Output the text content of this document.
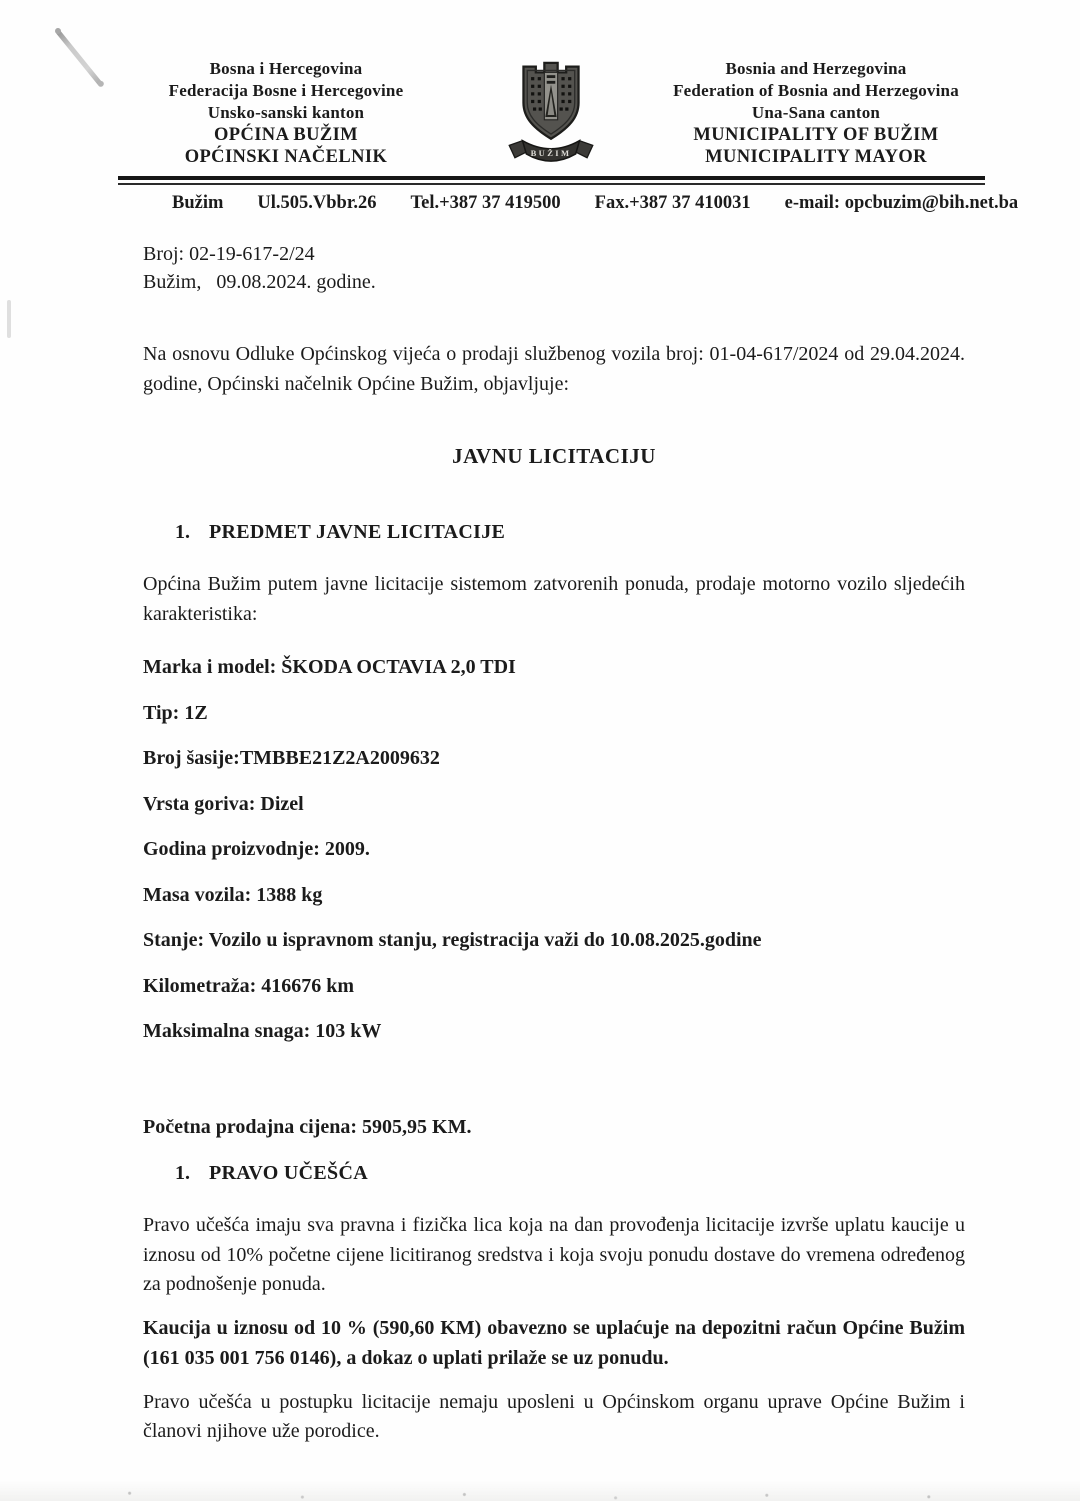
Bosna i Hercegovina
Federacija Bosne i Hercegovine
Unsko-sanski kanton
OPĆINA BUŽIM
OPĆINSKI NAČELNIK	BUŽIM
Bosnia and Herzegovina
Federation of Bosnia and Herzegovina
Una-Sana canton
MUNICIPALITY OF BUŽIM
MUNICIPALITY MAYOR
Bužim Ul.505.Vbbr.26 Tel.+387 37 419500 Fax.+387 37 410031 e-mail: opcbuzim@bih.net.ba
Broj: 02-19-617-2/24
Bužim,   09.08.2024. godine.

Na osnovu Odluke Općinskog vijeća o prodaji službenog vozila broj: 01-04-617/2024 od 29.04.2024. godine, Općinski načelnik Općine Bužim, objavljuje:

JAVNU LICITACIJU
1. PREDMET JAVNE LICITACIJE

Općina Bužim putem javne licitacije sistemom zatvorenih ponuda, prodaje motorno vozilo sljedećih karakteristika:

Marka i model: ŠKODA OCTAVIA 2,0 TDI
Tip: 1Z
Broj šasije:TMBBE21Z2A2009632
Vrsta goriva: Dizel
Godina proizvodnje: 2009.
Masa vozila: 1388 kg
Stanje: Vozilo u ispravnom stanju, registracija važi do 10.08.2025.godine
Kilometraža: 416676 km
Maksimalna snaga: 103 kW
Početna prodajna cijena: 5905,95 KM.
1. PRAVO UČEŠĆA

Pravo učešća imaju sva pravna i fizička lica koja na dan provođenja licitacije izvrše uplatu kaucije u iznosu od 10% početne cijene licitiranog sredstva i koja svoju ponudu dostave do vremena određenog za podnošenje ponuda.

Kaucija u iznosu od 10 % (590,60 KM) obavezno se uplaćuje na depozitni račun Općine Bužim (161 035 001 756 0146), a dokaz o uplati prilaže se uz ponudu.

Pravo učešća u postupku licitacije nemaju uposleni u Općinskom organu uprave Općine Bužim i članovi njihove uže porodice.
